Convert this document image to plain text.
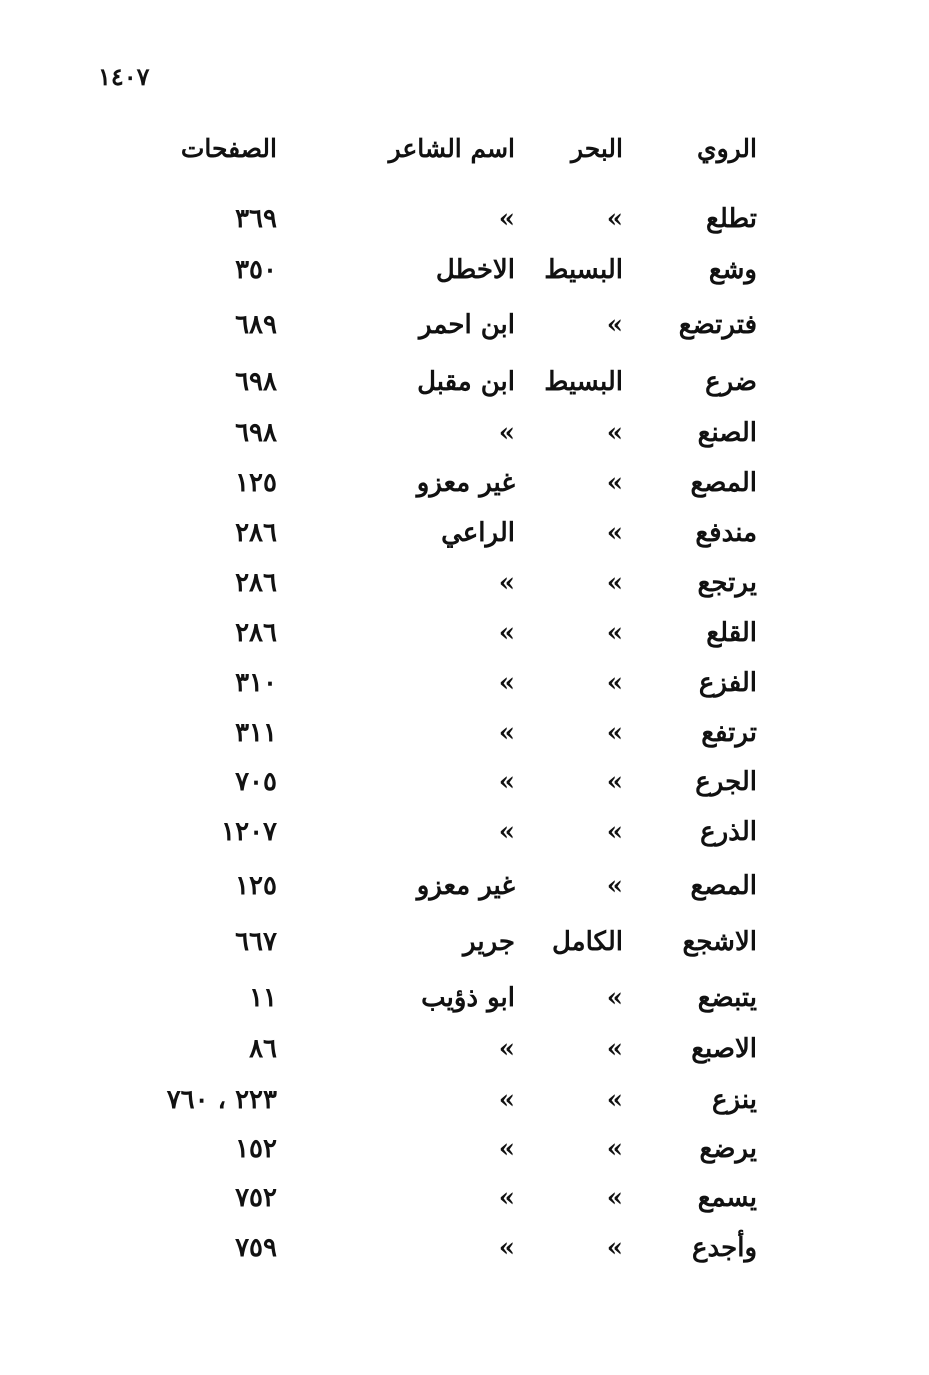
١٤٠٧
الروي
البحر
اسم الشاعر
الصفحات
تطلع
»
»
٣٦٩
وشع
البسيط
الاخطل
٣٥٠
فترتضع
»
ابن احمر
٦٨٩
ضرع
البسيط
ابن مقبل
٦٩٨
الصنع
»
»
٦٩٨
المصع
»
غير معزو
١٢٥
مندفع
»
الراعي
٢٨٦
يرتجع
»
»
٢٨٦
القلع
»
»
٢٨٦
الفزع
»
»
٣١٠
ترتفع
»
»
٣١١
الجرع
»
»
٧٠٥
الذرع
»
»
١٢٠٧
المصع
»
غير معزو
١٢٥
الاشجع
الكامل
جرير
٦٦٧
يتبضع
»
ابو ذؤيب
١١
الاصبع
»
»
٨٦
ينزع
»
»
٢٢٣ ، ٧٦٠
يرضع
»
»
١٥٢
يسمع
»
»
٧٥٢
وأجدع
»
»
٧٥٩
